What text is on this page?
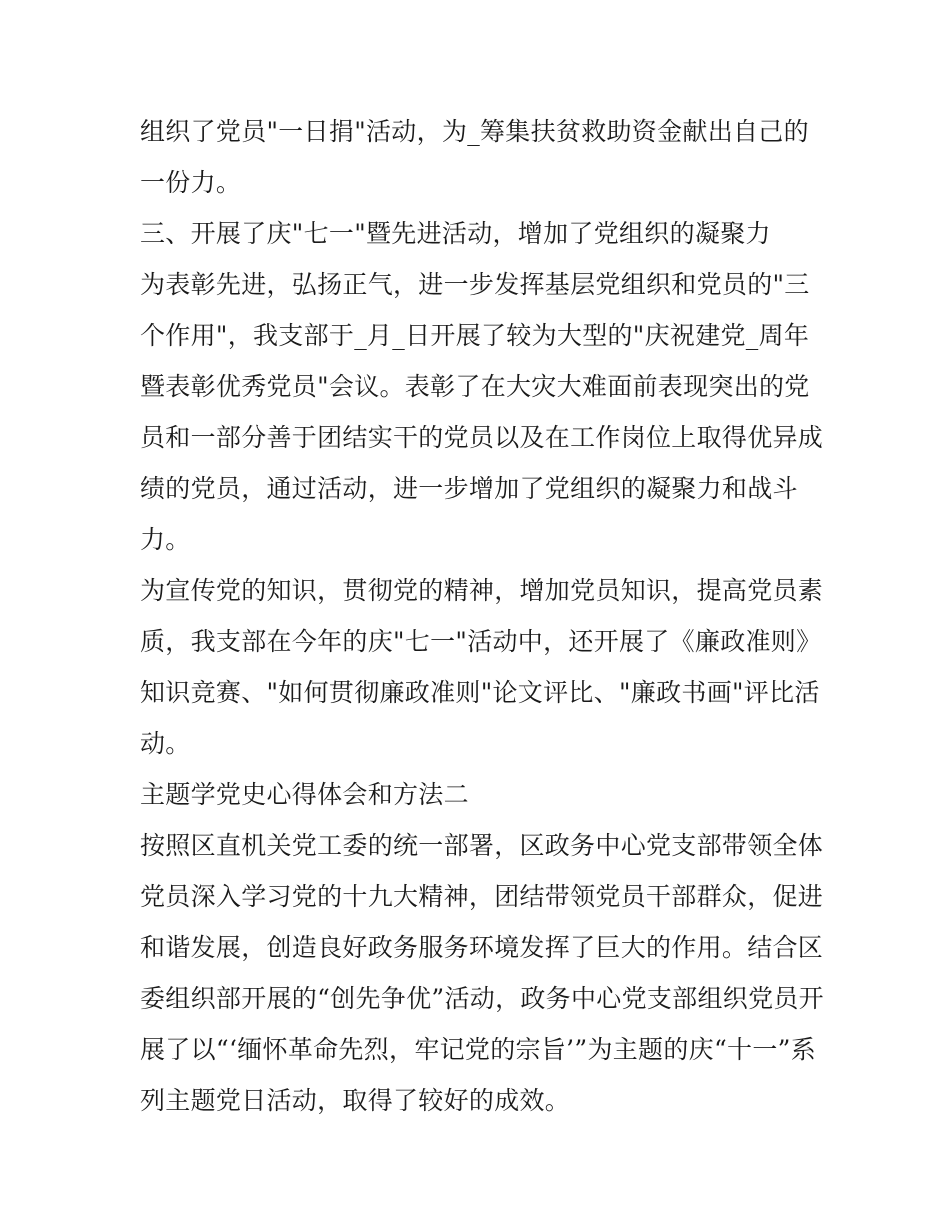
组织了党员"一日捐"活动，为_筹集扶贫救助资金献出自己的
一份力。
三、开展了庆"七一"暨先进活动，增加了党组织的凝聚力
为表彰先进，弘扬正气，进一步发挥基层党组织和党员的"三
个作用"，我支部于_月_日开展了较为大型的"庆祝建党_周年
暨表彰优秀党员"会议。表彰了在大灾大难面前表现突出的党
员和一部分善于团结实干的党员以及在工作岗位上取得优异成
绩的党员，通过活动，进一步增加了党组织的凝聚力和战斗
力。
为宣传党的知识，贯彻党的精神，增加党员知识，提高党员素
质，我支部在今年的庆"七一"活动中，还开展了《廉政准则》
知识竞赛、"如何贯彻廉政准则"论文评比、"廉政书画"评比活
动。
主题学党史心得体会和方法二
按照区直机关党工委的统一部署，区政务中心党支部带领全体
党员深入学习党的十九大精神，团结带领党员干部群众，促进
和谐发展，创造良好政务服务环境发挥了巨大的作用。结合区
委组织部开展的“创先争优”活动，政务中心党支部组织党员开
展了以“‘缅怀革命先烈，牢记党的宗旨’”为主题的庆“十一”系
列主题党日活动，取得了较好的成效。
